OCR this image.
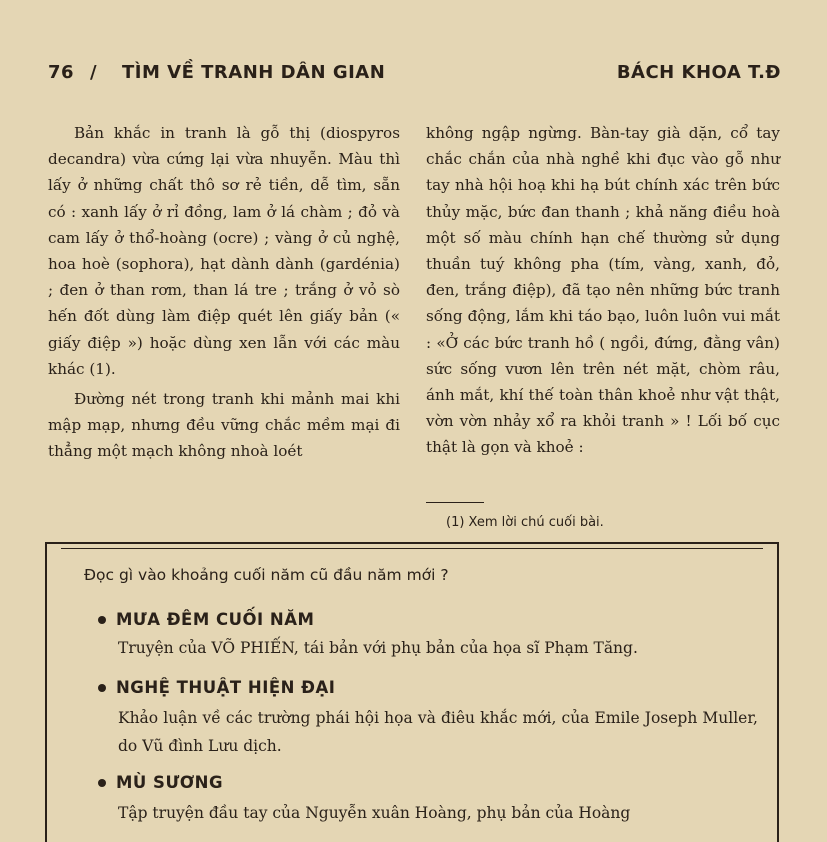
76 / TÌM VỀ TRANH DÂN GIAN	BÁCH KHOA T.Đ

Bản khắc in tranh là gỗ thị (diospyros decandra) vừa cứng lại vừa nhuyễn. Màu thì lấy ở những chất thô sơ rẻ tiền, dễ tìm, sẵn có : xanh lấy ở rỉ đồng, lam ở lá chàm ; đỏ và cam lấy ở thổ-hoàng (ocre) ; vàng ở củ nghệ, hoa hoè (sophora), hạt dành dành (gardénia) ; đen ở than rơm, than lá tre ; trắng ở vỏ sò hến đốt dùng làm điệp quét lên giấy bản (« giấy điệp ») hoặc dùng xen lẫn với các màu khác (1).

Đường nét trong tranh khi mảnh mai khi mập mạp, nhưng đều vững chắc mềm mại đi thẳng một mạch không nhoà loét

không ngập ngừng. Bàn-tay già dặn, cổ tay chắc chắn của nhà nghề khi đục vào gỗ như tay nhà hội hoạ khi hạ bút chính xác trên bức thủy mặc, bức đan thanh ; khả năng điều hoà một số màu chính hạn chế thường sử dụng thuần tuý không pha (tím, vàng, xanh, đỏ, đen, trắng điệp), đã tạo nên những bức tranh sống động, lắm khi táo bạo, luôn luôn vui mắt : «Ở các bức tranh hồ ( ngồi, đứng, đằng vân) sức sống vươn lên trên nét mặt, chòm râu, ánh mắt, khí thế toàn thân khoẻ như vật thật, vờn vờn nhảy xổ ra khỏi tranh » ! Lối bố cục thật là gọn và khoẻ :

(1) Xem lời chú cuối bài.
Đọc gì vào khoảng cuối năm cũ đầu năm mới ?
MƯA ĐÊM CUỐI NĂM
Truyện của VÕ PHIẾN, tái bản với phụ bản của họa sĩ Phạm Tăng.
NGHỆ THUẬT HIỆN ĐẠI
Khảo luận về các trường phái hội họa và điêu khắc mới, của Emile Joseph Muller, do Vũ đình Lưu dịch.
MÙ SƯƠNG
Tập truyện đầu tay của Nguyễn xuân Hoàng, phụ bản của Hoàng
